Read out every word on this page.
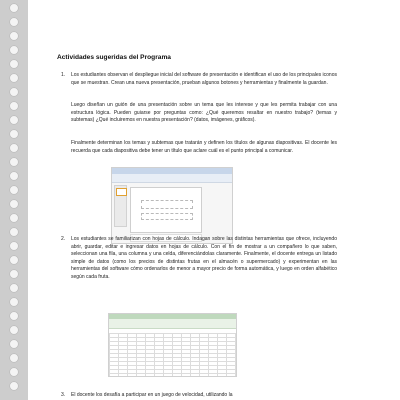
Actividades sugeridas del Programa
1. Los estudiantes observan el despliegue inicial del software de presentación e identifican el uso de los principales iconos que se muestran. Crean una nueva presentación, prueban algunos botones y herramientas y finalmente la guardan.

Luego diseñan un guión de una presentación sobre un tema que les interese y que les permita trabajar con una estructura lógica. Pueden guiarse por preguntas como: ¿Qué queremos resaltar en nuestro trabajo? (temas y subtemas) ¿Qué incluiremos en nuestra presentación? (datos, imágenes, gráficos).

Finalmente determinan los temas y subtemas que tratarán y definen los títulos de algunas diapositivas. El docente les recuerda que cada diapositiva debe tener un título que aclare cuál es el punto principal a comunicar.

2. Los estudiantes se familiarizan con hojas de cálculo. Indagan sobre las distintas herramientas que ofrece, incluyendo abrir, guardar, editar e ingresar datos en hojas de cálculo. Con el fin de mostrar a un compañero lo que saben, seleccionan una fila, una columna y una celda, diferenciándolas claramente. Finalmente, el docente entrega un listado simple de datos (como los precios de distintas frutas en el almacén o supermercado) y experimentan en las herramientas del software cómo ordenarlos de menor a mayor precio de forma automática, y luego en orden alfabético según cada fruta.

3. El docente los desafía a participar en un juego de velocidad, utilizando la
